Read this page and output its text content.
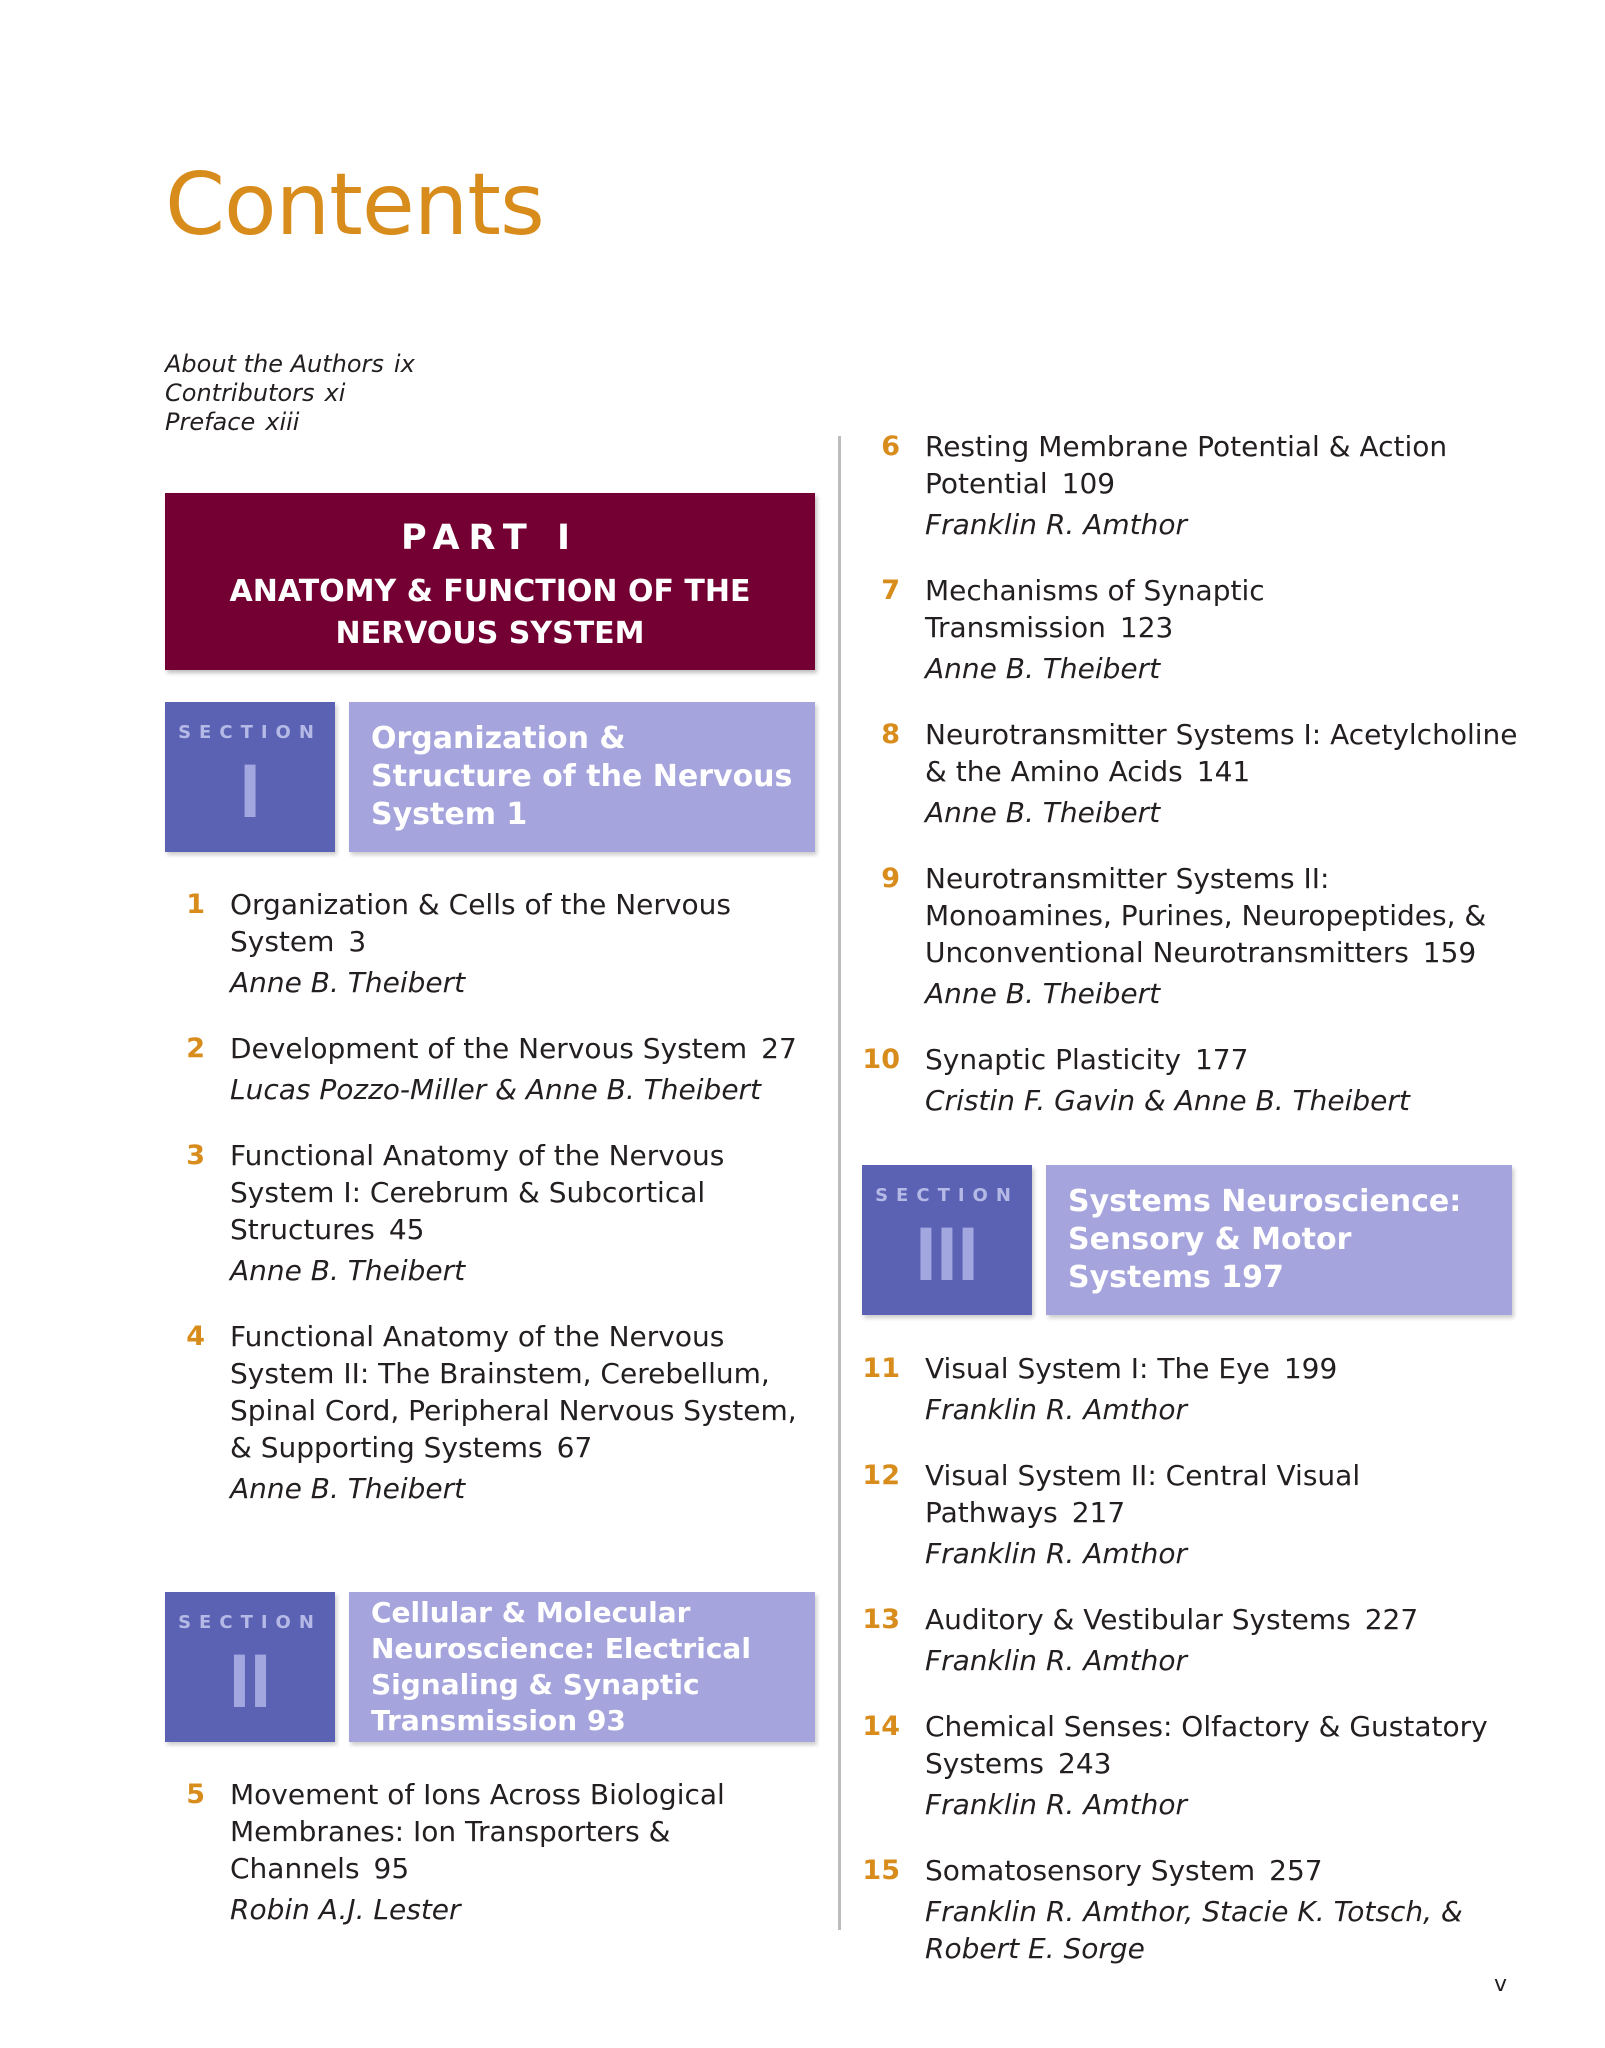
Contents
About the Authors ix
Contributors xi
Preface xiii
PART I
ANATOMY & FUNCTION OF THE NERVOUS SYSTEM
SECTION
I
Organization & Structure of the Nervous System 1
1 Organization & Cells of the Nervous System 3
Anne B. Theibert
2 Development of the Nervous System 27
Lucas Pozzo-Miller & Anne B. Theibert
3 Functional Anatomy of the Nervous System I: Cerebrum & Subcortical Structures 45
Anne B. Theibert
4 Functional Anatomy of the Nervous System II: The Brainstem, Cerebellum, Spinal Cord, Peripheral Nervous System, & Supporting Systems 67
Anne B. Theibert
SECTION
II
Cellular & Molecular Neuroscience: Electrical Signaling & Synaptic Transmission 93
5 Movement of Ions Across Biological Membranes: Ion Transporters & Channels 95
Robin A.J. Lester
6 Resting Membrane Potential & Action Potential 109
Franklin R. Amthor
7 Mechanisms of Synaptic Transmission 123
Anne B. Theibert
8 Neurotransmitter Systems I: Acetylcholine & the Amino Acids 141
Anne B. Theibert
9 Neurotransmitter Systems II: Monoamines, Purines, Neuropeptides, & Unconventional Neurotransmitters 159
Anne B. Theibert
10 Synaptic Plasticity 177
Cristin F. Gavin & Anne B. Theibert
SECTION
III
Systems Neuroscience: Sensory & Motor Systems 197
11 Visual System I: The Eye 199
Franklin R. Amthor
12 Visual System II: Central Visual Pathways 217
Franklin R. Amthor
13 Auditory & Vestibular Systems 227
Franklin R. Amthor
14 Chemical Senses: Olfactory & Gustatory Systems 243
Franklin R. Amthor
15 Somatosensory System 257
Franklin R. Amthor, Stacie K. Totsch, & Robert E. Sorge
v
